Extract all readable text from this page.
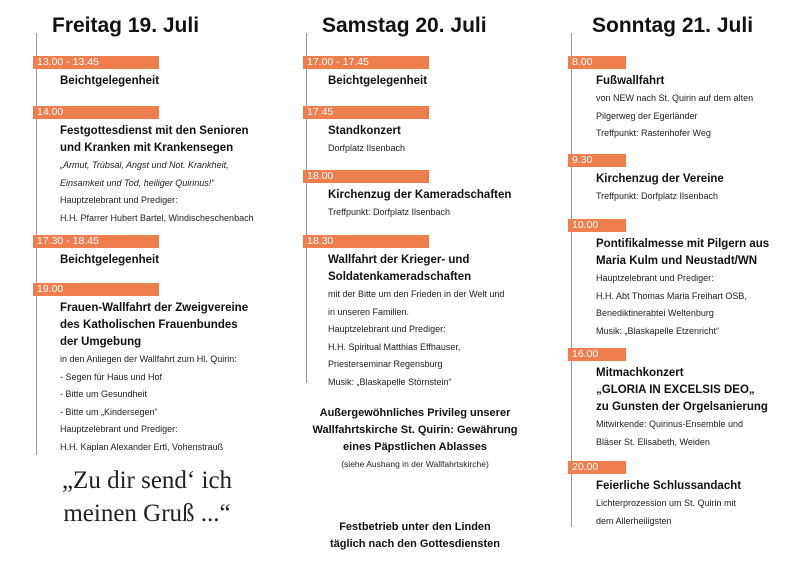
Freitag 19. Juli
13.00 - 13.45
Beichtgelegenheit
14.00
Festgottesdienst mit den Senioren
und Kranken mit Krankensegen
„Armut, Trübsal, Angst und Not. Krankheit,
Einsamkeit und Tod, heiliger Quirinus!“
Hauptzelebrant und Prediger:
H.H. Pfarrer Hubert Bartel, Windischeschenbach
17.30 - 18.45
Beichtgelegenheit
19.00
Frauen-Wallfahrt der Zweigvereine
des Katholischen Frauenbundes
der Umgebung
in den Anliegen der Wallfahrt zum Hl. Quirin:
- Segen für Haus und Hof
- Bitte um Gesundheit
- Bitte um „Kindersegen“
Hauptzelebrant und Prediger:
H.H. Kaplan Alexander Ertl, Vohenstrauß
„Zu dir send‘ ich
meinen Gruß ...“
Samstag 20. Juli
17.00 - 17.45
Beichtgelegenheit
17.45
Standkonzert
Dorfplatz Ilsenbach
18.00
Kirchenzug der Kameradschaften
Treffpunkt: Dorfplatz Ilsenbach
18.30
Wallfahrt der Krieger- und
Soldatenkameradschaften
mit der Bitte um den Frieden in der Welt und
in unseren Familien.
Hauptzelebrant und Prediger:
H.H. Spiritual Matthias Effhauser,
Priesterseminar Regensburg
Musik: „Blaskapelle Störnstein“
Außergewöhnliches Privileg unserer
Wallfahrtskirche St. Quirin: Gewährung
eines Päpstlichen Ablasses
(siehe Aushang in der Wallfahrtskirche)
Festbetrieb unter den Linden
täglich nach den Gottesdiensten
Sonntag 21. Juli
8.00
Fußwallfahrt
von NEW nach St. Quirin auf dem alten
Pilgerweg der Egerländer
Treffpunkt: Rastenhofer Weg
9.30
Kirchenzug der Vereine
Treffpunkt: Dorfplatz Ilsenbach
10.00
Pontifikalmesse mit Pilgern aus
Maria Kulm und Neustadt/WN
Hauptzelebrant und Prediger:
H.H. Abt Thomas Maria Freihart OSB,
Benediktinerabtei Weltenburg
Musik: „Blaskapelle Etzenricht“
16.00
Mitmachkonzert
„GLORIA IN EXCELSIS DEO„
zu Gunsten der Orgelsanierung
Mitwirkende: Quirinus-Ensemble und
Bläser St. Elisabeth, Weiden
20.00
Feierliche Schlussandacht
Lichterprozession um St. Quirin mit
dem Allerheiligsten
